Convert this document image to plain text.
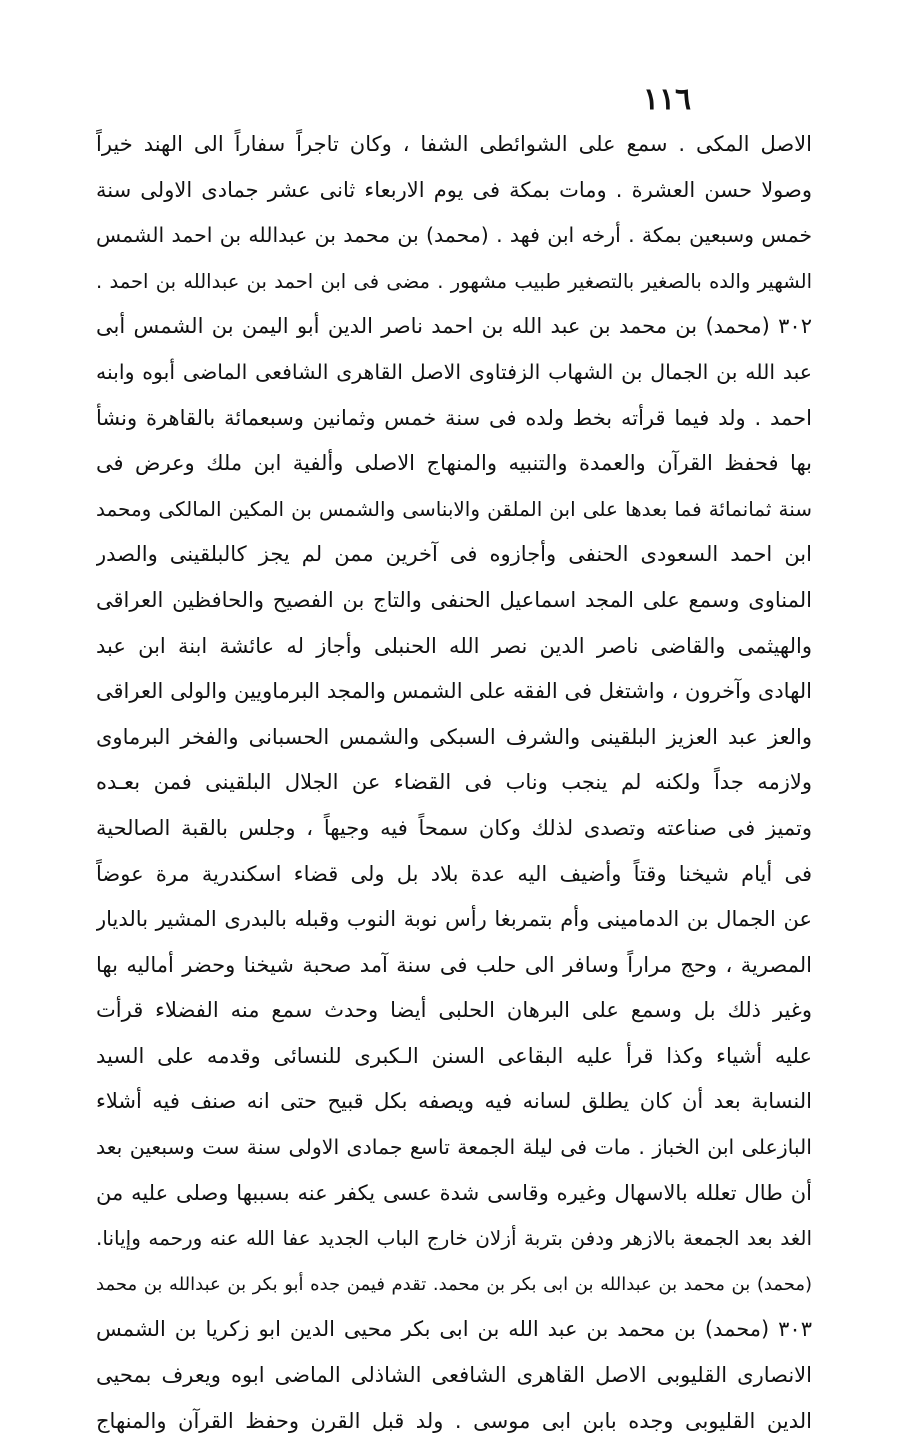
١١٦
الاصل المكى . سمع على الشوائطى الشفا ، وكان تاجراً سفاراً الى الهند خيراً
وصولا حسن العشرة . ومات بمكة فى يوم الاربعاء ثانى عشر جمادى الاولى سنة
خمس وسبعين بمكة . أرخه ابن فهد . (محمد) بن محمد بن عبدالله بن احمد الشمس
الشهير والده بالصغير بالتصغير طبيب مشهور . مضى فى ابن احمد بن عبدالله بن احمد .
٣٠٢ (محمد) بن محمد بن عبد الله بن احمد ناصر الدين أبو اليمن بن الشمس أبى
عبد الله بن الجمال بن الشهاب الزفتاوى الاصل القاهرى الشافعى الماضى أبوه وابنه
احمد . ولد فيما قرأته بخط ولده فى سنة خمس وثمانين وسبعمائة بالقاهرة ونشأ
بها فحفظ القرآن والعمدة والتنبيه والمنهاج الاصلى وألفية ابن ملك وعرض فى
سنة ثمانمائة فما بعدها على ابن الملقن والابناسى والشمس بن المكين المالكى ومحمد
ابن احمد السعودى الحنفى وأجازوه فى آخرين ممن لم يجز كالبلقينى والصدر
المناوى وسمع على المجد اسماعيل الحنفى والتاج بن الفصيح والحافظين العراقى
والهيثمى والقاضى ناصر الدين نصر الله الحنبلى وأجاز له عائشة ابنة ابن عبد
الهادى وآخرون ، واشتغل فى الفقه على الشمس والمجد البرماويين والولى العراقى
والعز عبد العزيز البلقينى والشرف السبكى والشمس الحسبانى والفخر البرماوى
ولازمه جداً ولكنه لم ينجب وناب فى القضاء عن الجلال البلقينى فمن بعـده
وتميز فى صناعته وتصدى لذلك وكان سمحاً فيه وجيهاً ، وجلس بالقبة الصالحية
فى أيام شيخنا وقتاً وأضيف اليه عدة بلاد بل ولى قضاء اسكندرية مرة عوضاً
عن الجمال بن الدمامينى وأم بتمربغا رأس نوبة النوب وقبله بالبدرى المشير بالديار
المصرية ، وحج مراراً وسافر الى حلب فى سنة آمد صحبة شيخنا وحضر أماليه بها
وغير ذلك بل وسمع على البرهان الحلبى أيضا وحدث سمع منه الفضلاء قرأت
عليه أشياء وكذا قرأ عليه البقاعى السنن الـكبرى للنسائى وقدمه على السيد
النسابة بعد أن كان يطلق لسانه فيه ويصفه بكل قبيح حتى انه صنف فيه أشلاء
البازعلى ابن الخباز . مات فى ليلة الجمعة تاسع جمادى الاولى سنة ست وسبعين بعد
أن طال تعلله بالاسهال وغيره وقاسى شدة عسى يكفر عنه بسببها وصلى عليه من
الغد بعد الجمعة بالازهر ودفن بتربة أزلان خارج الباب الجديد عفا الله عنه ورحمه وإيانا.
(محمد) بن محمد بن عبدالله بن ابى بكر بن محمد. تقدم فيمن جده أبو بكر بن عبدالله بن محمد
٣٠٣ (محمد) بن محمد بن عبد الله بن ابى بكر محيى الدين ابو زكريا بن الشمس
الانصارى القليوبى الاصل القاهرى الشافعى الشاذلى الماضى ابوه ويعرف بمحيى
الدين القليوبى وجده بابن ابى موسى . ولد قبل القرن وحفظ القرآن والمنهاج
